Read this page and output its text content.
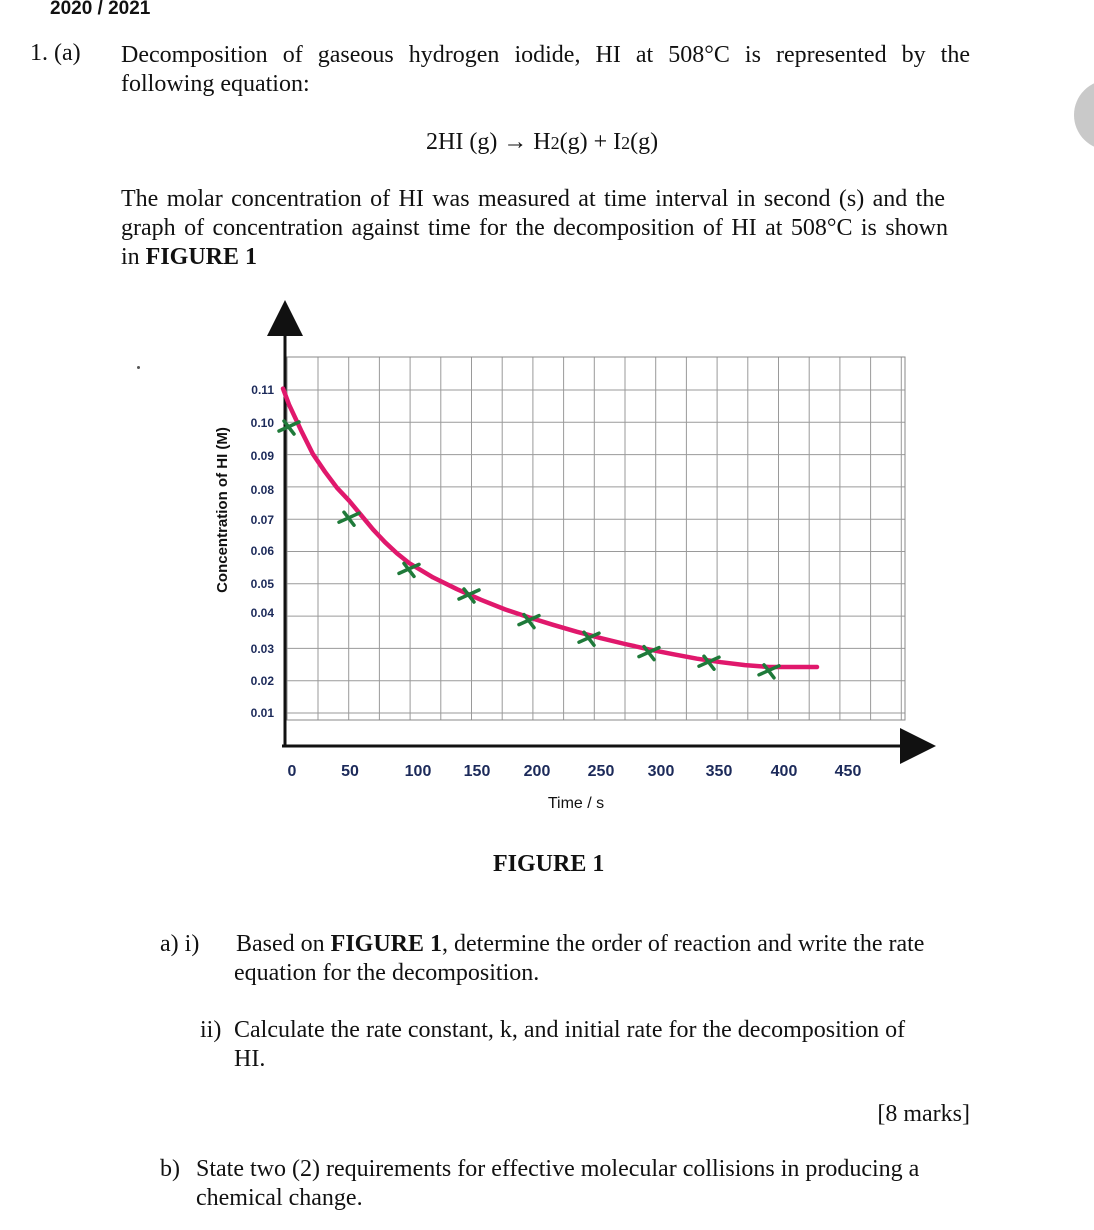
2020 / 2021
1. (a) Decomposition of gaseous hydrogen iodide, HI at 508°C is represented by the
following equation:
2HI (g) → H2(g) + I2(g)
The molar concentration of HI was measured at time interval in second (s) and the
graph of concentration against time for the decomposition of HI at 508°C is shown
in FIGURE 1
0	50	100 150 200 250 300 350 400 450
0.01
0.02
0.03
0.04
0.05
0.06
0.07
0.08
0.09
0.10
0.11
Time / s
Concentration of HI (M)
FIGURE 1
a) i) Based on FIGURE 1, determine the order of reaction and write the rate
equation for the decomposition.
ii) Calculate the rate constant, k, and initial rate for the decomposition of
HI.
[8 marks]
b) State two (2) requirements for effective molecular collisions in producing a
chemical change.
